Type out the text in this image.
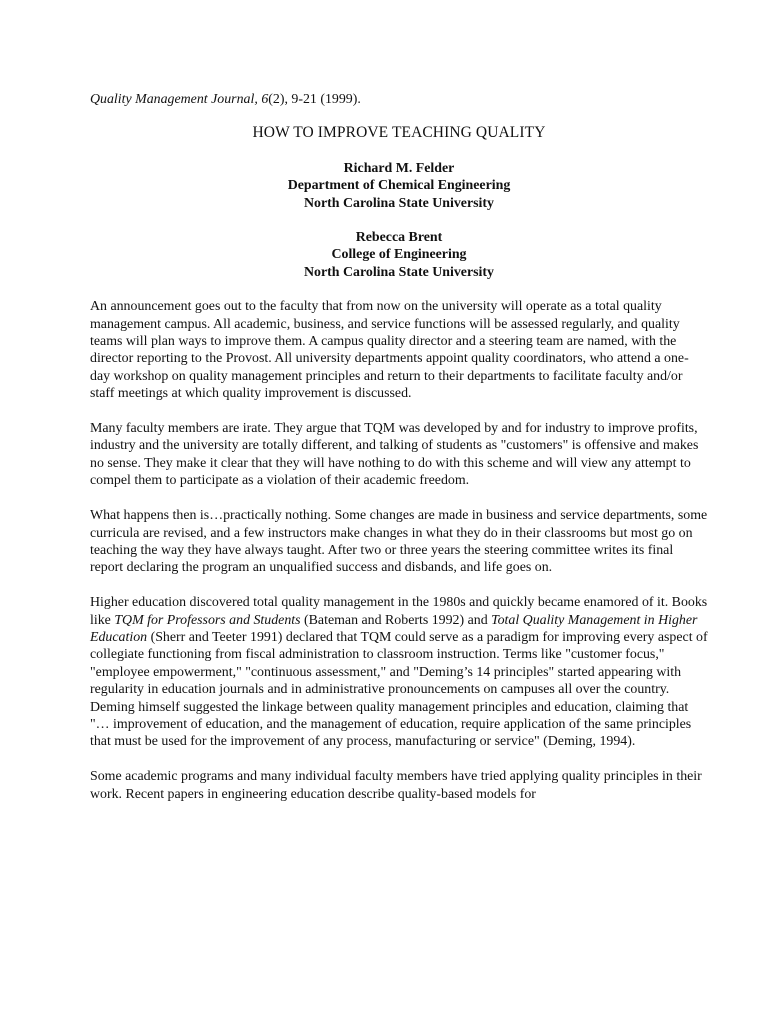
Quality Management Journal, 6(2), 9-21 (1999).

HOW TO IMPROVE TEACHING QUALITY
Richard M. Felder
Department of Chemical Engineering
North Carolina State University
Rebecca Brent
College of Engineering
North Carolina State University

An announcement goes out to the faculty that from now on the university will operate as a total quality management campus. All academic, business, and service functions will be assessed regularly, and quality teams will plan ways to improve them. A campus quality director and a steering team are named, with the director reporting to the Provost. All university departments appoint quality coordinators, who attend a one-day workshop on quality management principles and return to their departments to facilitate faculty and/or staff meetings at which quality improvement is discussed.

Many faculty members are irate. They argue that TQM was developed by and for industry to improve profits, industry and the university are totally different, and talking of students as "customers" is offensive and makes no sense. They make it clear that they will have nothing to do with this scheme and will view any attempt to compel them to participate as a violation of their academic freedom.

What happens then is…practically nothing. Some changes are made in business and service departments, some curricula are revised, and a few instructors make changes in what they do in their classrooms but most go on teaching the way they have always taught. After two or three years the steering committee writes its final report declaring the program an unqualified success and disbands, and life goes on.

Higher education discovered total quality management in the 1980s and quickly became enamored of it. Books like TQM for Professors and Students (Bateman and Roberts 1992) and Total Quality Management in Higher Education (Sherr and Teeter 1991) declared that TQM could serve as a paradigm for improving every aspect of collegiate functioning from fiscal administration to classroom instruction. Terms like "customer focus," "employee empowerment," "continuous assessment," and "Deming’s 14 principles" started appearing with regularity in education journals and in administrative pronouncements on campuses all over the country. Deming himself suggested the linkage between quality management principles and education, claiming that "… improvement of education, and the management of education, require application of the same principles that must be used for the improvement of any process, manufacturing or service" (Deming, 1994).

Some academic programs and many individual faculty members have tried applying quality principles in their work. Recent papers in engineering education describe quality-based models for
